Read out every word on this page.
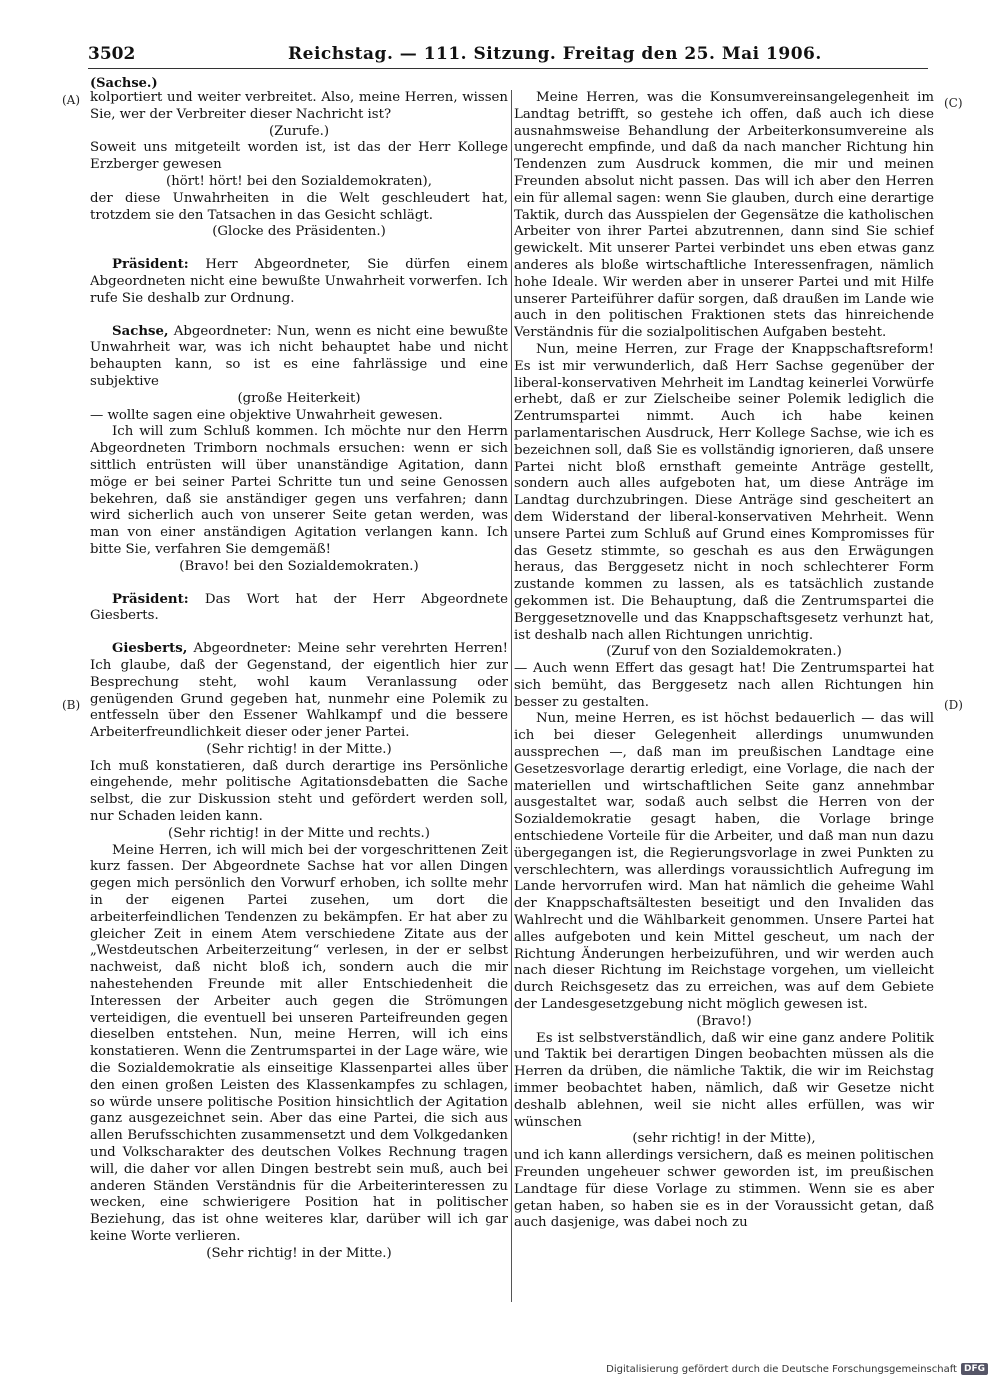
3502	Reichstag. — 111. Sitzung. Freitag den 25. Mai 1906.
(Sachse.)
(A)
(B)
(C)
(D)

kolportiert und weiter verbreitet. Also, meine Herren, wissen Sie, wer der Verbreiter dieser Nachricht ist?

(Zurufe.)

Soweit uns mitgeteilt worden ist, ist das der Herr Kollege Erzberger gewesen

(hört! hört! bei den Sozialdemokraten),

der diese Unwahrheiten in die Welt geschleudert hat, trotzdem sie den Tatsachen in das Gesicht schlägt.

(Glocke des Präsidenten.)

Präsident: Herr Abgeordneter, Sie dürfen einem Abgeordneten nicht eine bewußte Unwahrheit vorwerfen. Ich rufe Sie deshalb zur Ordnung.

Sachse, Abgeordneter: Nun, wenn es nicht eine bewußte Unwahrheit war, was ich nicht behauptet habe und nicht behaupten kann, so ist es eine fahrlässige und eine subjektive

(große Heiterkeit)

— wollte sagen eine objektive Unwahrheit gewesen.

Ich will zum Schluß kommen. Ich möchte nur den Herrn Abgeordneten Trimborn nochmals ersuchen: wenn er sich sittlich entrüsten will über unanständige Agitation, dann möge er bei seiner Partei Schritte tun und seine Genossen bekehren, daß sie anständiger gegen uns verfahren; dann wird sicherlich auch von unserer Seite getan werden, was man von einer anständigen Agitation verlangen kann. Ich bitte Sie, verfahren Sie demgemäß!

(Bravo! bei den Sozialdemokraten.)

Präsident: Das Wort hat der Herr Abgeordnete Giesberts.

Giesberts, Abgeordneter: Meine sehr verehrten Herren! Ich glaube, daß der Gegenstand, der eigentlich hier zur Besprechung steht, wohl kaum Veranlassung oder genügenden Grund gegeben hat, nunmehr eine Polemik zu entfesseln über den Essener Wahlkampf und die bessere Arbeiterfreundlichkeit dieser oder jener Partei.

(Sehr richtig! in der Mitte.)

Ich muß konstatieren, daß durch derartige ins Persönliche eingehende, mehr politische Agitationsdebatten die Sache selbst, die zur Diskussion steht und gefördert werden soll, nur Schaden leiden kann.

(Sehr richtig! in der Mitte und rechts.)

Meine Herren, ich will mich bei der vorgeschrittenen Zeit kurz fassen. Der Abgeordnete Sachse hat vor allen Dingen gegen mich persönlich den Vorwurf erhoben, ich sollte mehr in der eigenen Partei zusehen, um dort die arbeiterfeindlichen Tendenzen zu bekämpfen. Er hat aber zu gleicher Zeit in einem Atem verschiedene Zitate aus der „Westdeutschen Arbeiterzeitung“ verlesen, in der er selbst nachweist, daß nicht bloß ich, sondern auch die mir nahestehenden Freunde mit aller Entschiedenheit die Interessen der Arbeiter auch gegen die Strömungen verteidigen, die eventuell bei unseren Parteifreunden gegen dieselben entstehen. Nun, meine Herren, will ich eins konstatieren. Wenn die Zentrumspartei in der Lage wäre, wie die Sozialdemokratie als einseitige Klassenpartei alles über den einen großen Leisten des Klassenkampfes zu schlagen, so würde unsere politische Position hinsichtlich der Agitation ganz ausgezeichnet sein. Aber das eine Partei, die sich aus allen Berufsschichten zusammensetzt und dem Volkgedanken und Volkscharakter des deutschen Volkes Rechnung tragen will, die daher vor allen Dingen bestrebt sein muß, auch bei anderen Ständen Verständnis für die Arbeiterinteressen zu wecken, eine schwierigere Position hat in politischer Beziehung, das ist ohne weiteres klar, darüber will ich gar keine Worte verlieren.

(Sehr richtig! in der Mitte.)

Meine Herren, was die Konsumvereinsangelegenheit im Landtag betrifft, so gestehe ich offen, daß auch ich diese ausnahmsweise Behandlung der Arbeiterkonsumvereine als ungerecht empfinde, und daß da nach mancher Richtung hin Tendenzen zum Ausdruck kommen, die mir und meinen Freunden absolut nicht passen. Das will ich aber den Herren ein für allemal sagen: wenn Sie glauben, durch eine derartige Taktik, durch das Ausspielen der Gegensätze die katholischen Arbeiter von ihrer Partei abzutrennen, dann sind Sie schief gewickelt. Mit unserer Partei verbindet uns eben etwas ganz anderes als bloße wirtschaftliche Interessenfragen, nämlich hohe Ideale. Wir werden aber in unserer Partei und mit Hilfe unserer Parteiführer dafür sorgen, daß draußen im Lande wie auch in den politischen Fraktionen stets das hinreichende Verständnis für die sozialpolitischen Aufgaben besteht.

Nun, meine Herren, zur Frage der Knappschaftsreform! Es ist mir verwunderlich, daß Herr Sachse gegenüber der liberal-konservativen Mehrheit im Landtag keinerlei Vorwürfe erhebt, daß er zur Zielscheibe seiner Polemik lediglich die Zentrumspartei nimmt. Auch ich habe keinen parlamentarischen Ausdruck, Herr Kollege Sachse, wie ich es bezeichnen soll, daß Sie es vollständig ignorieren, daß unsere Partei nicht bloß ernsthaft gemeinte Anträge gestellt, sondern auch alles aufgeboten hat, um diese Anträge im Landtag durchzubringen. Diese Anträge sind gescheitert an dem Widerstand der liberal-konservativen Mehrheit. Wenn unsere Partei zum Schluß auf Grund eines Kompromisses für das Gesetz stimmte, so geschah es aus den Erwägungen heraus, das Berggesetz nicht in noch schlechterer Form zustande kommen zu lassen, als es tatsächlich zustande gekommen ist. Die Behauptung, daß die Zentrumspartei die Berggesetznovelle und das Knappschaftsgesetz verhunzt hat, ist deshalb nach allen Richtungen unrichtig.

(Zuruf von den Sozialdemokraten.)

— Auch wenn Effert das gesagt hat! Die Zentrumspartei hat sich bemüht, das Berggesetz nach allen Richtungen hin besser zu gestalten.

Nun, meine Herren, es ist höchst bedauerlich — das will ich bei dieser Gelegenheit allerdings unumwunden aussprechen —, daß man im preußischen Landtage eine Gesetzesvorlage derartig erledigt, eine Vorlage, die nach der materiellen und wirtschaftlichen Seite ganz annehmbar ausgestaltet war, sodaß auch selbst die Herren von der Sozialdemokratie gesagt haben, die Vorlage bringe entschiedene Vorteile für die Arbeiter, und daß man nun dazu übergegangen ist, die Regierungsvorlage in zwei Punkten zu verschlechtern, was allerdings voraussichtlich Aufregung im Lande hervorrufen wird. Man hat nämlich die geheime Wahl der Knappschaftsältesten beseitigt und den Invaliden das Wahlrecht und die Wählbarkeit genommen. Unsere Partei hat alles aufgeboten und kein Mittel gescheut, um nach der Richtung Änderungen herbeizuführen, und wir werden auch nach dieser Richtung im Reichstage vorgehen, um vielleicht durch Reichsgesetz das zu erreichen, was auf dem Gebiete der Landesgesetzgebung nicht möglich gewesen ist.

(Bravo!)

Es ist selbstverständlich, daß wir eine ganz andere Politik und Taktik bei derartigen Dingen beobachten müssen als die Herren da drüben, die nämliche Taktik, die wir im Reichstag immer beobachtet haben, nämlich, daß wir Gesetze nicht deshalb ablehnen, weil sie nicht alles erfüllen, was wir wünschen

(sehr richtig! in der Mitte),

und ich kann allerdings versichern, daß es meinen politischen Freunden ungeheuer schwer geworden ist, im preußischen Landtage für diese Vorlage zu stimmen. Wenn sie es aber getan haben, so haben sie es in der Voraussicht getan, daß auch dasjenige, was dabei noch zu

Digitalisierung gefördert durch die Deutsche Forschungsgemeinschaft DFG
